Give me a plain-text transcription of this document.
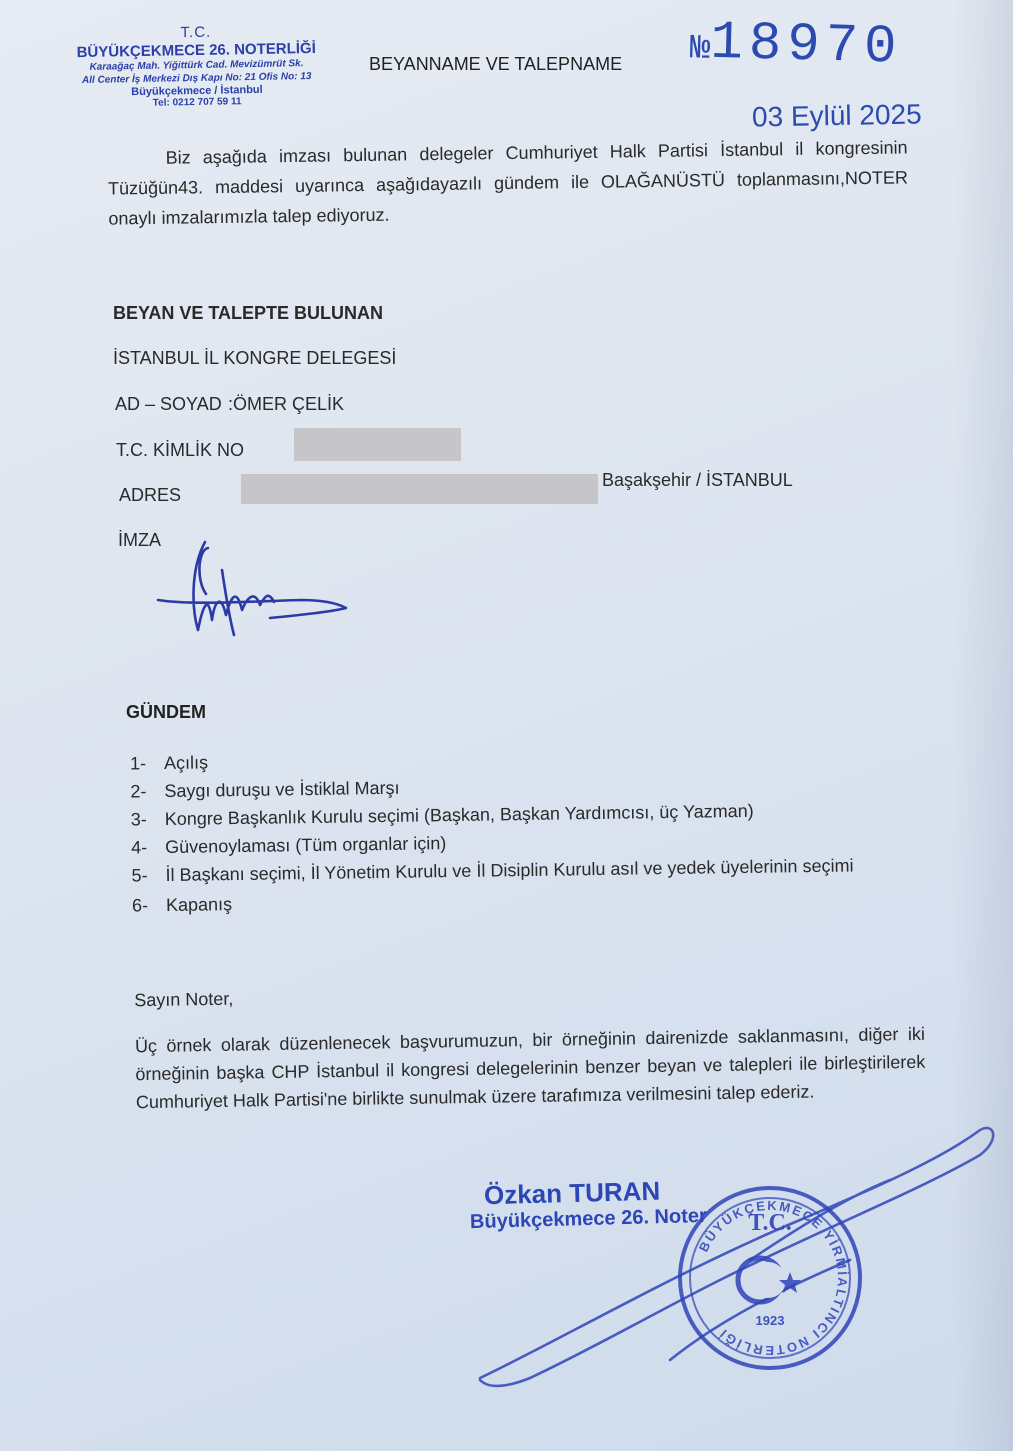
T.C.
BÜYÜKÇEKMECE 26. NOTERLİĞİ
Karaağaç Mah. Yiğittürk Cad. Mevizümrüt Sk.
All Center İş Merkezi Dış Kapı No: 21 Ofis No: 13
Büyükçekmece / İstanbul
Tel: 0212 707 59 11
BEYANNAME VE TALEPNAME №18970
03 Eylül 2025

Biz aşağıda imzası bulunan delegeler Cumhuriyet Halk Partisi İstanbul il kongresinin Tüzüğün43. maddesi uyarınca aşağıdayazılı gündem ile OLAĞANÜSTÜ toplanmasını,NOTER onaylı imzalarımızla talep ediyoruz.

BEYAN VE TALEPTE BULUNAN
İSTANBUL İL KONGRE DELEGESİ
AD – SOYAD :ÖMER ÇELİK
T.C. KİMLİK NO
ADRES
Başakşehir / İSTANBUL
İMZA
GÜNDEM
1- Açılış
2- Saygı duruşu ve İstiklal Marşı
3- Kongre Başkanlık Kurulu seçimi (Başkan, Başkan Yardımcısı, üç Yazman)
4- Güvenoylaması (Tüm organlar için)
5- İl Başkanı seçimi, İl Yönetim Kurulu ve İl Disiplin Kurulu asıl ve yedek üyelerinin seçimi
6- Kapanış

Sayın Noter,

Üç örnek olarak düzenlenecek başvurumuzun, bir örneğinin dairenizde saklanmasını, diğer iki örneğinin başka CHP İstanbul il kongresi delegelerinin benzer beyan ve talepleri ile birleştirilerek Cumhuriyet Halk Partisi'ne birlikte sunulmak üzere tarafımıza verilmesini talep ederiz.

Özkan TURAN
Büyükçekmece 26. Noter
BÜYÜKÇEKMECE YİRMİALTINCI NOTERLİĞİ
T.C.
1923
